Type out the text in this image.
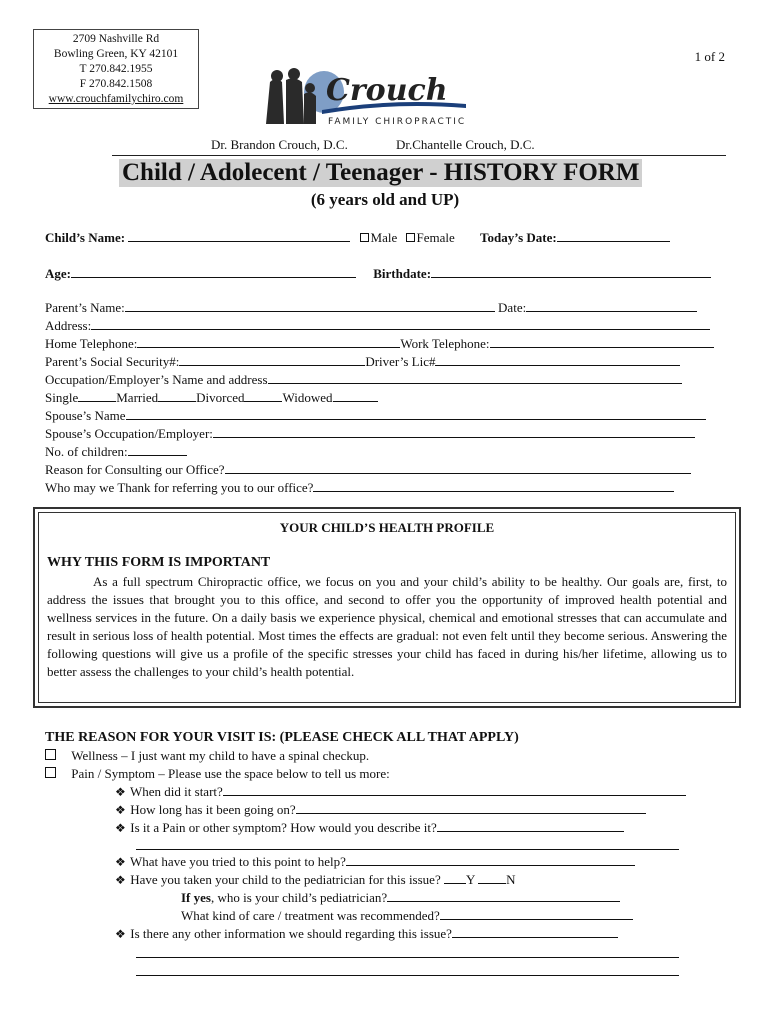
2709 Nashville Rd
Bowling Green, KY 42101
T 270.842.1955
F 270.842.1508
www.crouchfamilychiro.com
1 of 2
Crouch
FAMILY CHIROPRACTIC
Dr. Brandon Crouch, D.C.	Dr.Chantelle Crouch, D.C.
Child / Adolecent / Teenager - HISTORY FORM
(6 years old and UP)
Child’s Name:	Male Female Today’s Date:
Age:	Birthdate:
Parent’s Name:	Date:
Address:
Home Telephone:	Work Telephone:
Parent’s Social Security#:	Driver’s Lic#
Occupation/Employer’s Name and address
Single	Married	Divorced	Widowed
Spouse’s Name
Spouse’s Occupation/Employer:
No. of children:
Reason for Consulting our Office?
Who may we Thank for referring you to our office?
YOUR CHILD’S HEALTH PROFILE
WHY THIS FORM IS IMPORTANT
As a full spectrum Chiropractic office, we focus on you and your child’s ability to be healthy. Our goals are, first, to address the issues that brought you to this office, and second to offer you the opportunity of improved health potential and wellness services in the future. On a daily basis we experience physical, chemical and emotional stresses that can accumulate and result in serious loss of health potential. Most times the effects are gradual: not even felt until they become serious. Answering the following questions will give us a profile of the specific stresses your child has faced in during his/her lifetime, allowing us to better assess the challenges to your child’s health potential.
THE REASON FOR YOUR VISIT IS: (PLEASE CHECK ALL THAT APPLY)
Wellness – I just want my child to have a spinal checkup.
Pain / Symptom – Please use the space below to tell us more:
❖ When did it start?
❖ How long has it been going on?
❖ Is it a Pain or other symptom? How would you describe it?
❖ What have you tried to this point to help?
❖ Have you taken your child to the pediatrician for this issue? Y N
If yes, who is your child’s pediatrician?
What kind of care / treatment was recommended?
❖ Is there any other information we should regarding this issue?
